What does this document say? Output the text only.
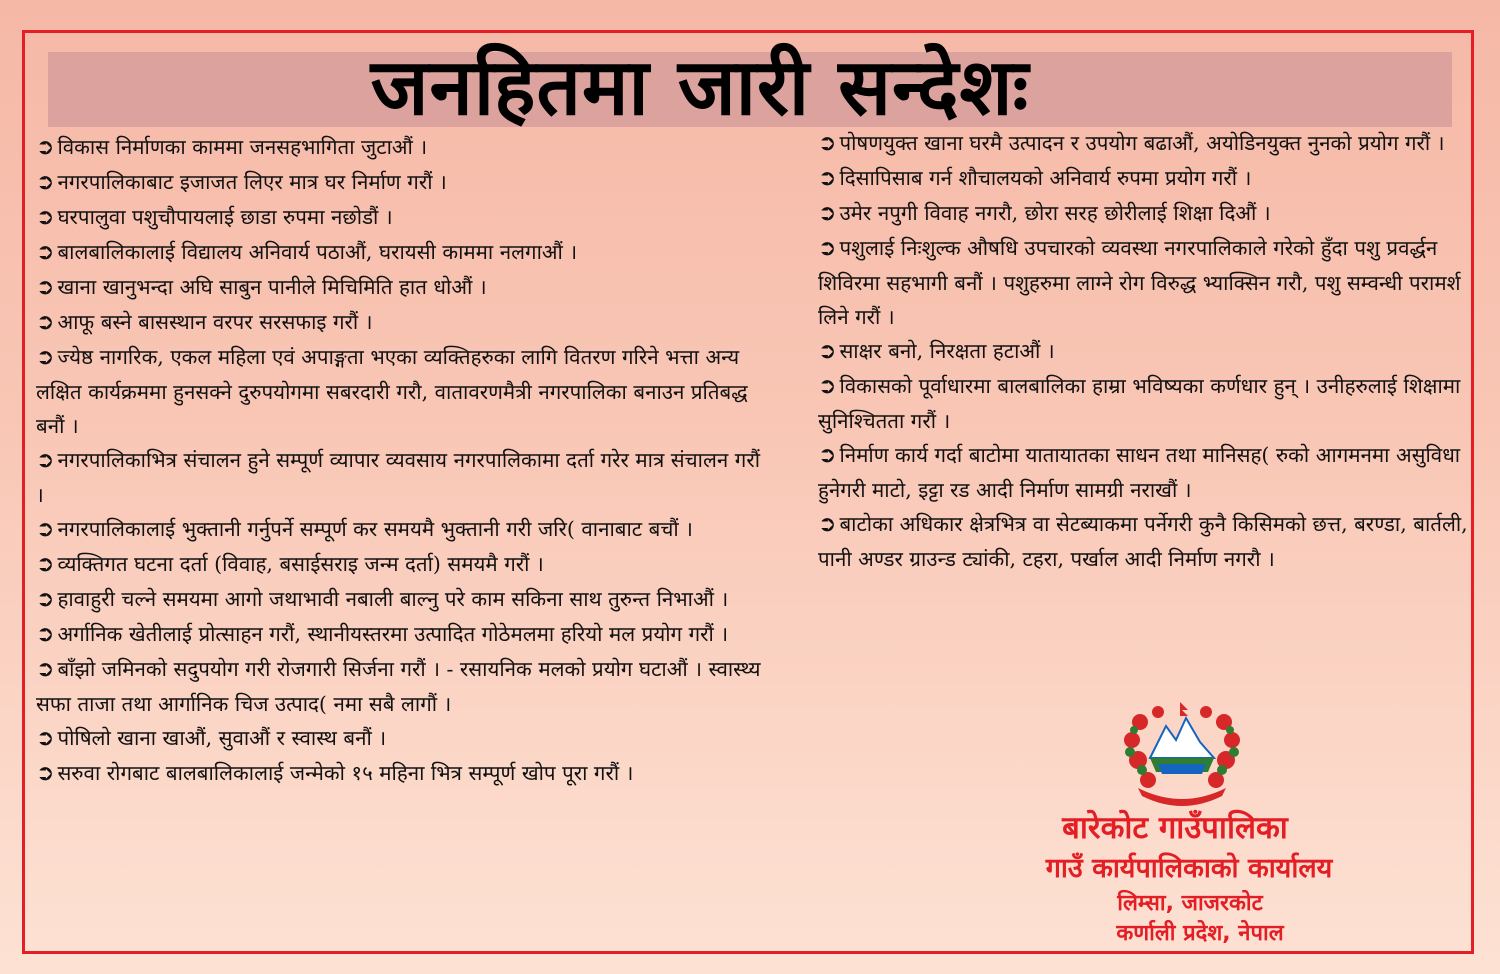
जनहितमा जारी सन्देशः

➲ विकास निर्माणका काममा जनसहभागिता जुटाऔं ।

➲ नगरपालिकाबाट इजाजत लिएर मात्र घर निर्माण गरौं ।

➲ घरपालुवा पशुचौपायलाई छाडा रुपमा नछोडौं ।

➲ बालबालिकालाई विद्यालय अनिवार्य पठाऔं, घरायसी काममा नलगाऔं ।

➲ खाना खानुभन्दा अघि साबुन पानीले मिचिमिति हात धोऔं ।

➲ आफू बस्ने बासस्थान वरपर सरसफाइ गरौं ।

➲ ज्येष्ठ नागरिक, एकल महिला एवं अपाङ्गता भएका व्यक्तिहरुका लागि वितरण गरिने भत्ता अन्य लक्षित कार्यक्रममा हुनसक्ने दुरुपयोगमा सबरदारी गरौ, वातावरणमैत्री नगरपालिका बनाउन प्रतिबद्ध बनौं ।

➲ नगरपालिकाभित्र संचालन हुने सम्पूर्ण व्यापार व्यवसाय नगरपालिकामा दर्ता गरेर मात्र संचालन गरौं ।

➲ नगरपालिकालाई भुक्तानी गर्नुपर्ने सम्पूर्ण कर समयमै भुक्तानी गरी जरि( वानाबाट बचौं ।

➲ व्यक्तिगत घटना दर्ता (विवाह, बसाईसराइ जन्म दर्ता) समयमै गरौं ।

➲ हावाहुरी चल्ने समयमा आगो जथाभावी नबाली बाल्नु परे काम सकिना साथ तुरुन्त निभाऔं ।

➲ अर्गानिक खेतीलाई प्रोत्साहन गरौं, स्थानीयस्तरमा उत्पादित गोठेमलमा हरियो मल प्रयोग गरौं ।

➲ बाँझो जमिनको सदुपयोग गरी रोजगारी सिर्जना गरौं । - रसायनिक मलको प्रयोग घटाऔं । स्वास्थ्य सफा ताजा तथा आर्गानिक चिज उत्पाद( नमा सबै लागौं ।

➲ पोषिलो खाना खाऔं, सुवाऔं र स्वास्थ बनौं ।

➲ सरुवा रोगबाट बालबालिकालाई जन्मेको १५ महिना भित्र सम्पूर्ण खोप पूरा गरौं ।

➲ पोषणयुक्त खाना घरमै उत्पादन र उपयोग बढाऔं, अयोडिनयुक्त नुनको प्रयोग गरौं ।

➲ दिसापिसाब गर्न शौचालयको अनिवार्य रुपमा प्रयोग गरौं ।

➲ उमेर नपुगी विवाह नगरौ, छोरा सरह छोरीलाई शिक्षा दिऔं ।

➲ पशुलाई निःशुल्क औषधि उपचारको व्यवस्था नगरपालिकाले गरेको हुँदा पशु प्रवर्द्धन शिविरमा सहभागी बनौं । पशुहरुमा लाग्ने रोग विरुद्ध भ्याक्सिन गरौ, पशु सम्वन्धी परामर्श लिने गरौं ।

➲ साक्षर बनो, निरक्षता हटाऔं ।

➲ विकासको पूर्वाधारमा बालबालिका हाम्रा भविष्यका कर्णधार हुन् । उनीहरुलाई शिक्षामा सुनिश्चितता गरौं ।

➲ निर्माण कार्य गर्दा बाटोमा यातायातका साधन तथा मानिसह( रुको आगमनमा असुविधा हुनेगरी माटो, इट्टा रड आदी निर्माण सामग्री नराखौं ।

➲ बाटोका अधिकार क्षेत्रभित्र वा सेटब्याकमा पर्नेगरी कुनै किसिमको छत्त, बरण्डा, बार्तली, पानी अण्डर ग्राउन्ड ट्यांकी, टहरा, पर्खाल आदी निर्माण नगरौ ।

बारेकोट गाउँपालिका
गाउँ कार्यपालिकाको कार्यालय
लिम्सा, जाजरकोट
कर्णाली प्रदेश, नेपाल
